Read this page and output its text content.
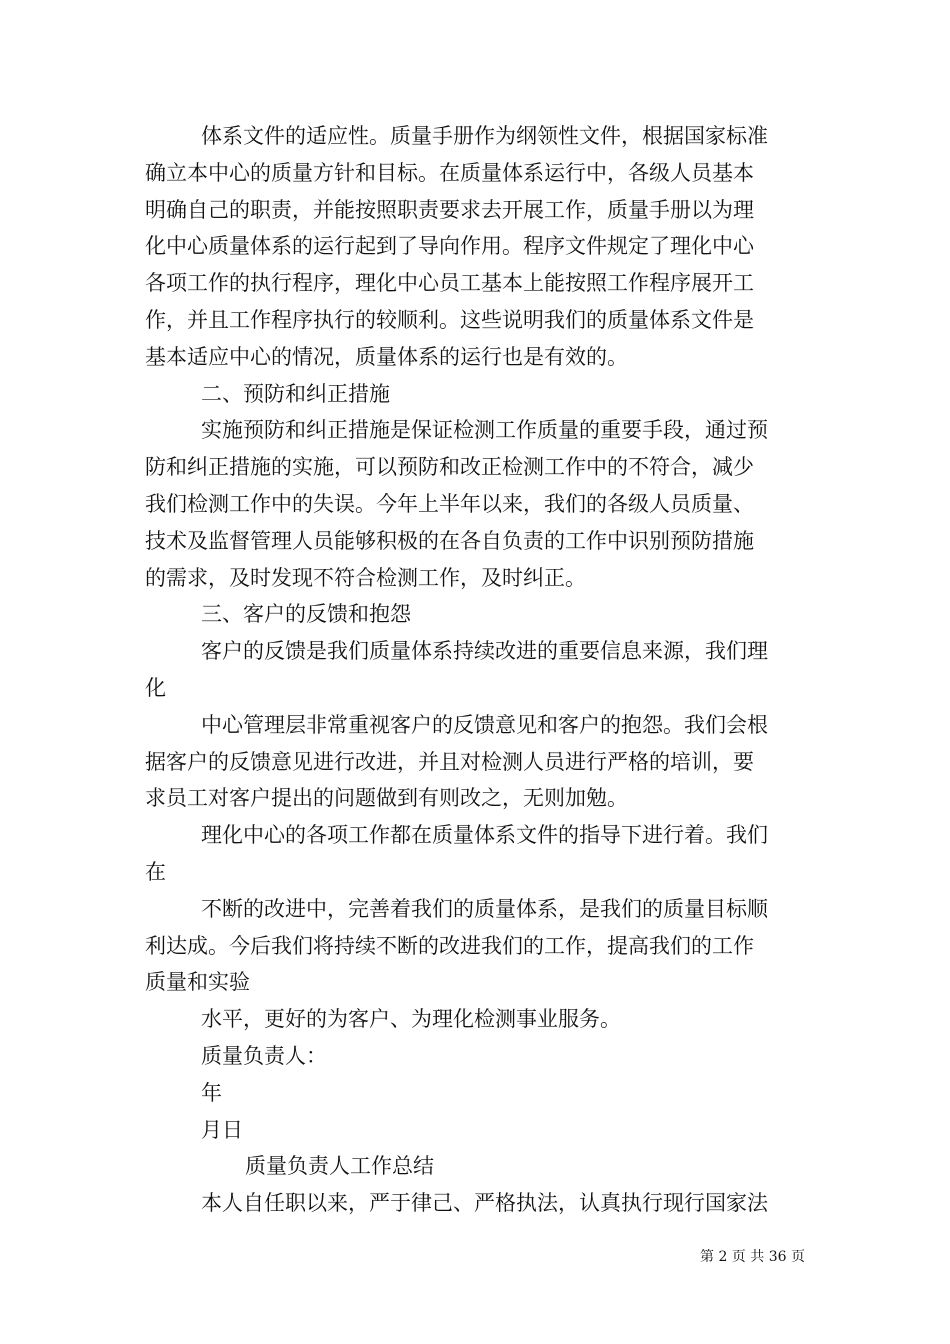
体系文件的适应性。质量手册作为纲领性文件，根据国家标准
确立本中心的质量方针和目标。在质量体系运行中，各级人员基本
明确自己的职责，并能按照职责要求去开展工作，质量手册以为理
化中心质量体系的运行起到了导向作用。程序文件规定了理化中心
各项工作的执行程序，理化中心员工基本上能按照工作程序展开工
作，并且工作程序执行的较顺利。这些说明我们的质量体系文件是
基本适应中心的情况，质量体系的运行也是有效的。
二、预防和纠正措施
实施预防和纠正措施是保证检测工作质量的重要手段，通过预
防和纠正措施的实施，可以预防和改正检测工作中的不符合，减少
我们检测工作中的失误。今年上半年以来，我们的各级人员质量、
技术及监督管理人员能够积极的在各自负责的工作中识别预防措施
的需求，及时发现不符合检测工作，及时纠正。
三、客户的反馈和抱怨
客户的反馈是我们质量体系持续改进的重要信息来源，我们理
化
中心管理层非常重视客户的反馈意见和客户的抱怨。我们会根
据客户的反馈意见进行改进，并且对检测人员进行严格的培训，要
求员工对客户提出的问题做到有则改之，无则加勉。
理化中心的各项工作都在质量体系文件的指导下进行着。我们
在
不断的改进中，完善着我们的质量体系，是我们的质量目标顺
利达成。今后我们将持续不断的改进我们的工作，提高我们的工作
质量和实验
水平，更好的为客户、为理化检测事业服务。
质量负责人：
年
月日
质量负责人工作总结
本人自任职以来，严于律己、严格执法，认真执行现行国家法
第 2 页 共 36 页
